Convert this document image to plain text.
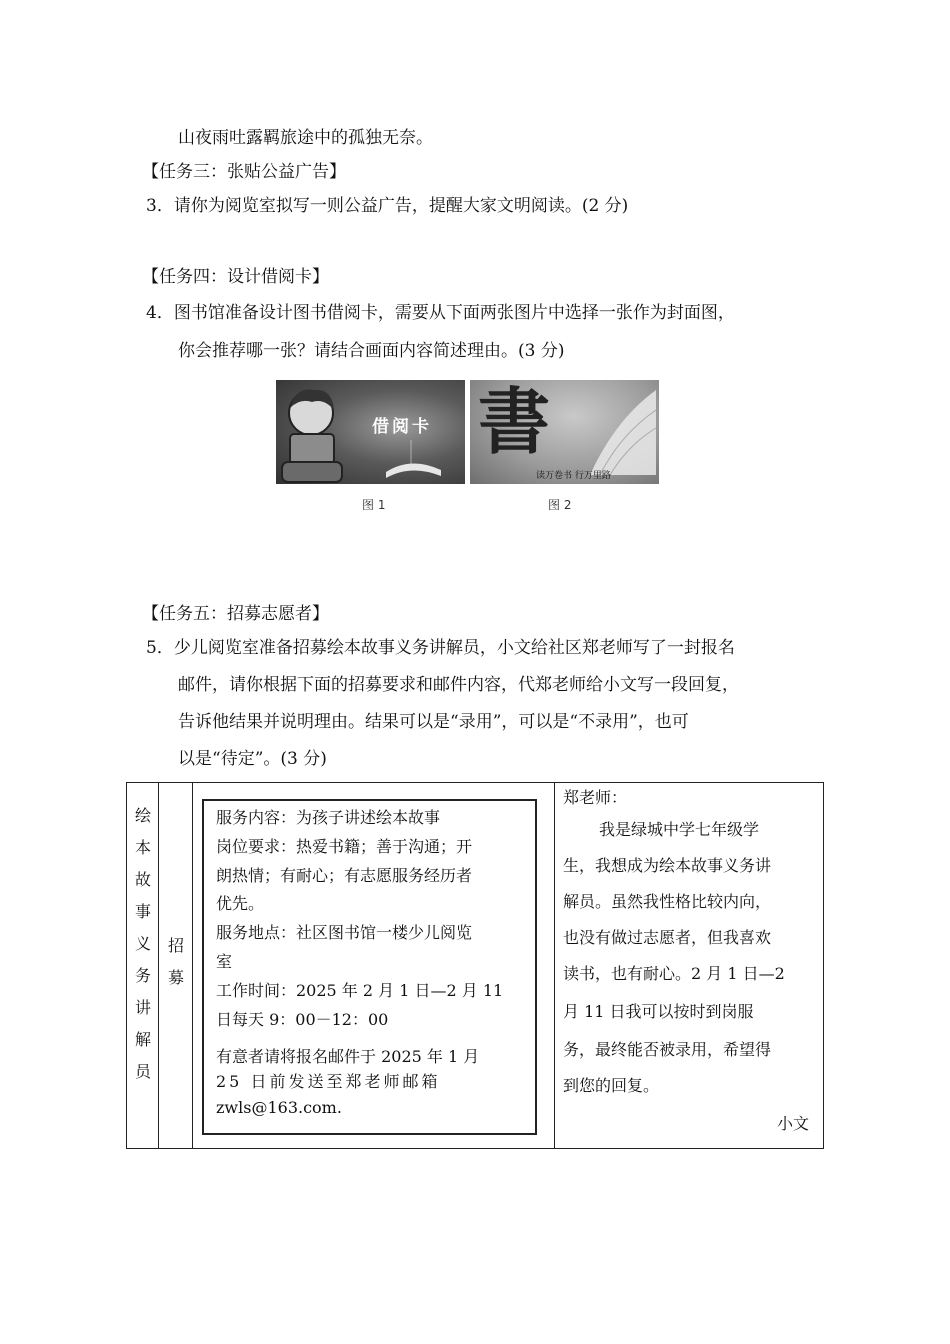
山夜雨吐露羁旅途中的孤独无奈。
【任务三：张贴公益广告】
3．请你为阅览室拟写一则公益广告，提醒大家文明阅读。(2 分)
【任务四：设计借阅卡】
4．图书馆准备设计图书借阅卡，需要从下面两张图片中选择一张作为封面图，
你会推荐哪一张？请结合画面内容简述理由。(3 分)
借阅卡
图 1
書
读万卷书 行万里路
图 2
【任务五：招募志愿者】
5．少儿阅览室准备招募绘本故事义务讲解员，小文给社区郑老师写了一封报名
邮件，请你根据下面的招募要求和邮件内容，代郑老师给小文写一段回复，
告诉他结果并说明理由。结果可以是“录用”，可以是“不录用”，也可
以是“待定”。(3 分)
绘
本
故
事
义
务
讲
解
员
招
募
服务内容：为孩子讲述绘本故事
岗位要求：热爱书籍；善于沟通；开
朗热情；有耐心；有志愿服务经历者
优先。
服务地点：社区图书馆一楼少儿阅览
室
工作时间：2025 年 2 月 1 日—2 月 11
日每天 9：00－12：00
有意者请将报名邮件于 2025 年 1 月
25 日前发送至郑老师邮箱
zwls@163.com.
郑老师：
我是绿城中学七年级学
生，我想成为绘本故事义务讲
解员。虽然我性格比较内向，
也没有做过志愿者，但我喜欢
读书，也有耐心。2 月 1 日—2
月 11 日我可以按时到岗服
务，最终能否被录用，希望得
到您的回复。
小文
